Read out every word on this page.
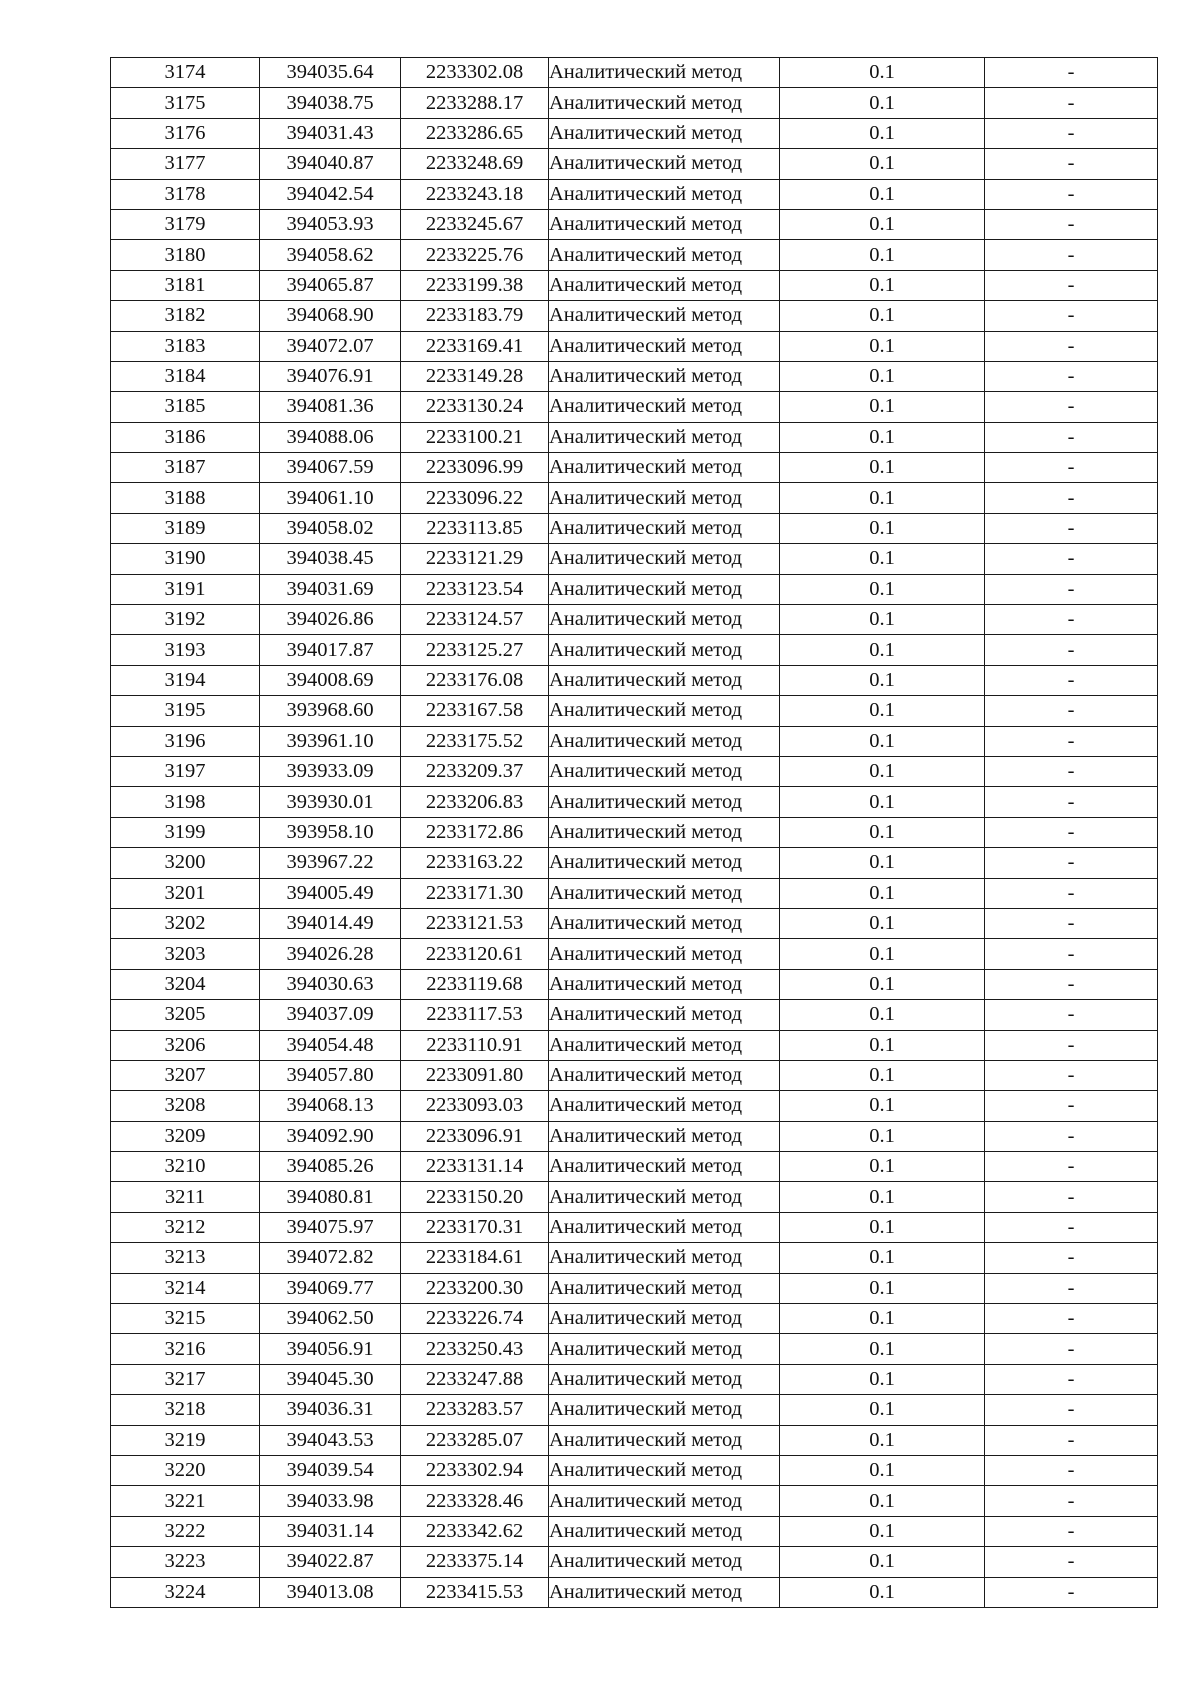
3174	394035.64	2233302.08	Аналитический метод	0.1	-
3175	394038.75	2233288.17	Аналитический метод	0.1	-
3176	394031.43	2233286.65	Аналитический метод	0.1	-
3177	394040.87	2233248.69	Аналитический метод	0.1	-
3178	394042.54	2233243.18	Аналитический метод	0.1	-
3179	394053.93	2233245.67	Аналитический метод	0.1	-
3180	394058.62	2233225.76	Аналитический метод	0.1	-
3181	394065.87	2233199.38	Аналитический метод	0.1	-
3182	394068.90	2233183.79	Аналитический метод	0.1	-
3183	394072.07	2233169.41	Аналитический метод	0.1	-
3184	394076.91	2233149.28	Аналитический метод	0.1	-
3185	394081.36	2233130.24	Аналитический метод	0.1	-
3186	394088.06	2233100.21	Аналитический метод	0.1	-
3187	394067.59	2233096.99	Аналитический метод	0.1	-
3188	394061.10	2233096.22	Аналитический метод	0.1	-
3189	394058.02	2233113.85	Аналитический метод	0.1	-
3190	394038.45	2233121.29	Аналитический метод	0.1	-
3191	394031.69	2233123.54	Аналитический метод	0.1	-
3192	394026.86	2233124.57	Аналитический метод	0.1	-
3193	394017.87	2233125.27	Аналитический метод	0.1	-
3194	394008.69	2233176.08	Аналитический метод	0.1	-
3195	393968.60	2233167.58	Аналитический метод	0.1	-
3196	393961.10	2233175.52	Аналитический метод	0.1	-
3197	393933.09	2233209.37	Аналитический метод	0.1	-
3198	393930.01	2233206.83	Аналитический метод	0.1	-
3199	393958.10	2233172.86	Аналитический метод	0.1	-
3200	393967.22	2233163.22	Аналитический метод	0.1	-
3201	394005.49	2233171.30	Аналитический метод	0.1	-
3202	394014.49	2233121.53	Аналитический метод	0.1	-
3203	394026.28	2233120.61	Аналитический метод	0.1	-
3204	394030.63	2233119.68	Аналитический метод	0.1	-
3205	394037.09	2233117.53	Аналитический метод	0.1	-
3206	394054.48	2233110.91	Аналитический метод	0.1	-
3207	394057.80	2233091.80	Аналитический метод	0.1	-
3208	394068.13	2233093.03	Аналитический метод	0.1	-
3209	394092.90	2233096.91	Аналитический метод	0.1	-
3210	394085.26	2233131.14	Аналитический метод	0.1	-
3211	394080.81	2233150.20	Аналитический метод	0.1	-
3212	394075.97	2233170.31	Аналитический метод	0.1	-
3213	394072.82	2233184.61	Аналитический метод	0.1	-
3214	394069.77	2233200.30	Аналитический метод	0.1	-
3215	394062.50	2233226.74	Аналитический метод	0.1	-
3216	394056.91	2233250.43	Аналитический метод	0.1	-
3217	394045.30	2233247.88	Аналитический метод	0.1	-
3218	394036.31	2233283.57	Аналитический метод	0.1	-
3219	394043.53	2233285.07	Аналитический метод	0.1	-
3220	394039.54	2233302.94	Аналитический метод	0.1	-
3221	394033.98	2233328.46	Аналитический метод	0.1	-
3222	394031.14	2233342.62	Аналитический метод	0.1	-
3223	394022.87	2233375.14	Аналитический метод	0.1	-
3224	394013.08	2233415.53	Аналитический метод	0.1	-
